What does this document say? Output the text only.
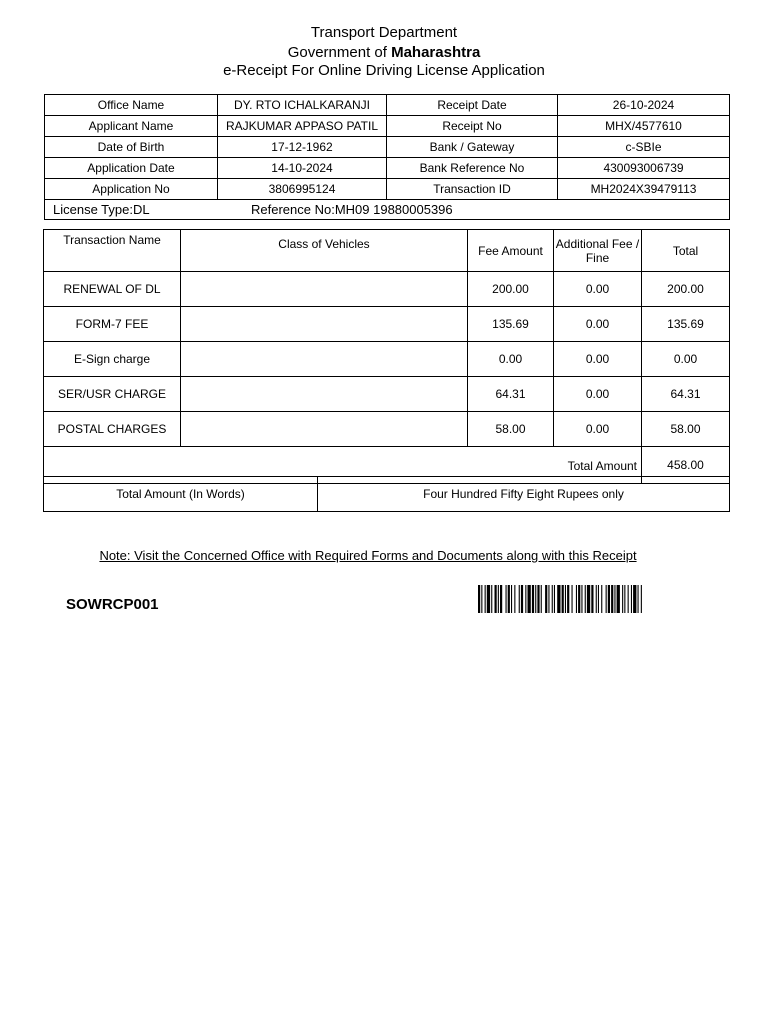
Transport Department
Government of Maharashtra
e-Receipt For Online Driving License Application
Office Name	DY. RTO ICHALKARANJI	Receipt Date	26-10-2024
Applicant Name	RAJKUMAR APPASO PATIL	Receipt No	MHX/4577610
Date of Birth	17-12-1962	Bank / Gateway	c-SBIe
Application Date	14-10-2024	Bank Reference No	430093006739
Application No	3806995124	Transaction ID	MH2024X39479113
License Type:DL Reference No:MH09 19880005396			
Transaction Name	Class of Vehicles	Fee Amount	Additional Fee / Fine	Total
RENEWAL OF DL		200.00	0.00	200.00
FORM-7 FEE		135.69	0.00	135.69
E-Sign charge		0.00	0.00	0.00
SER/USR CHARGE		64.31	0.00	64.31
POSTAL CHARGES		58.00	0.00	58.00
Total Amount				458.00
Total Amount (In Words)	Four Hundred Fifty Eight Rupees only
Note: Visit the Concerned Office with Required Forms and Documents along with this Receipt
SOWRCP001
